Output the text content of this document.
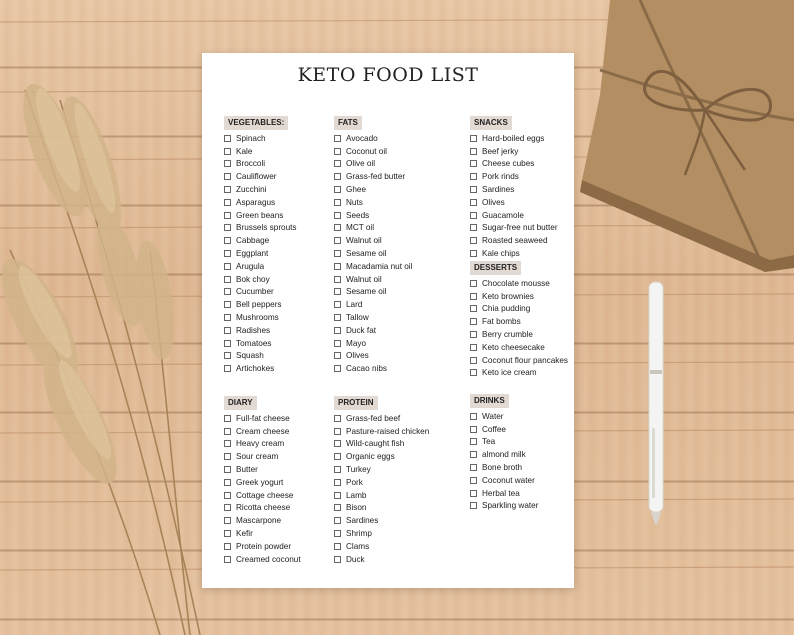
KETO FOOD LIST
VEGETABLES:
Spinach
Kale
Broccoli
Cauliflower
Zucchini
Asparagus
Green beans
Brussels sprouts
Cabbage
Eggplant
Arugula
Bok choy
Cucumber
Bell peppers
Mushrooms
Radishes
Tomatoes
Squash
Artichokes
FATS
Avocado
Coconut oil
Olive oil
Grass-fed butter
Ghee
Nuts
Seeds
MCT oil
Walnut oil
Sesame oil
Macadamia nut oil
Walnut oil
Sesame oil
Lard
Tallow
Duck fat
Mayo
Olives
Cacao nibs
SNACKS
Hard-boiled eggs
Beef jerky
Cheese cubes
Pork rinds
Sardines
Olives
Guacamole
Sugar-free nut butter
Roasted seaweed
Kale chips
DESSERTS
Chocolate mousse
Keto brownies
Chia pudding
Fat bombs
Berry crumble
Keto cheesecake
Coconut flour pancakes
Keto ice cream
DIARY
Full-fat cheese
Cream cheese
Heavy cream
Sour cream
Butter
Greek yogurt
Cottage cheese
Ricotta cheese
Mascarpone
Kefir
Protein powder
Creamed coconut
PROTEIN
Grass-fed beef
Pasture-raised chicken
Wild-caught fish
Organic eggs
Turkey
Pork
Lamb
Bison
Sardines
Shrimp
Clams
Duck
DRINKS
Water
Coffee
Tea
almond milk
Bone broth
Coconut water
Herbal tea
Sparkling water
